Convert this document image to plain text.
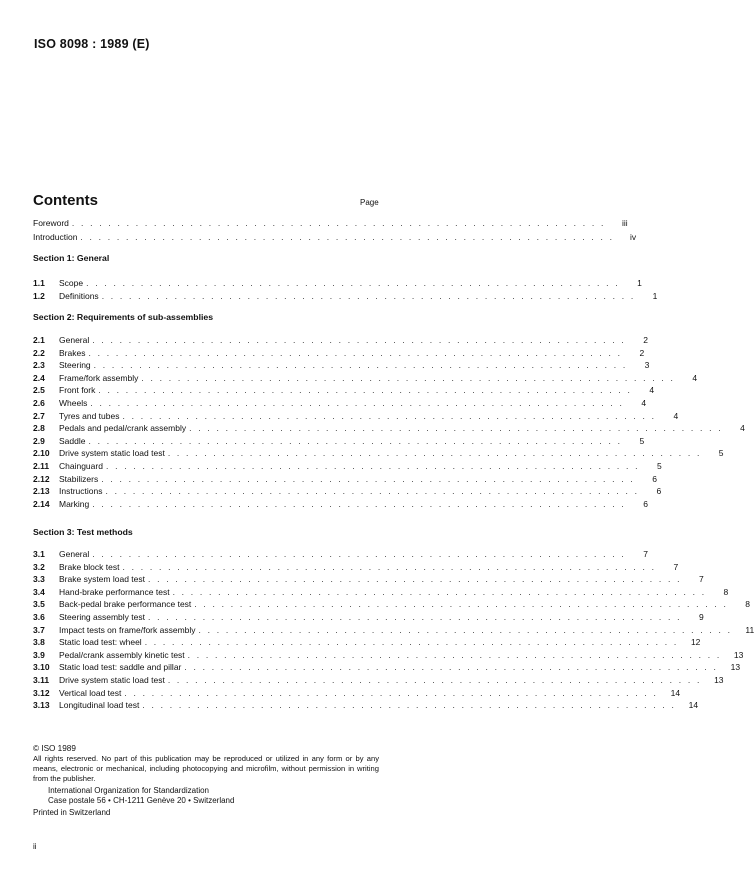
ISO 8098 : 1989 (E)
Contents	Page
Foreword . . . . . . . . . . . . . . . . . . . . . . . . . . . . . . . . . . . . . . . . . . . . . . . . . . . . . . . . . . .	iii
Introduction . . . . . . . . . . . . . . . . . . . . . . . . . . . . . . . . . . . . . . . . . . . . . . . . . . . . . . . . . . .	iv
Section 1: General
1.1	Scope . . . . . . . . . . . . . . . . . . . . . . . . . . . . . . . . . . . . . . . . . . . . . . . . . . . . . . . . . . .	1
1.2	Definitions . . . . . . . . . . . . . . . . . . . . . . . . . . . . . . . . . . . . . . . . . . . . . . . . . . . . . . . . . . .	1
Section 2: Requirements of sub-assemblies
2.1	General . . . . . . . . . . . . . . . . . . . . . . . . . . . . . . . . . . . . . . . . . . . . . . . . . . . . . . . . . . .	2
2.2	Brakes . . . . . . . . . . . . . . . . . . . . . . . . . . . . . . . . . . . . . . . . . . . . . . . . . . . . . . . . . . .	2
2.3	Steering . . . . . . . . . . . . . . . . . . . . . . . . . . . . . . . . . . . . . . . . . . . . . . . . . . . . . . . . . . .	3
2.4	Frame/fork assembly . . . . . . . . . . . . . . . . . . . . . . . . . . . . . . . . . . . . . . . . . . . . . . . . . . . . . . . . . . .	4
2.5	Front fork . . . . . . . . . . . . . . . . . . . . . . . . . . . . . . . . . . . . . . . . . . . . . . . . . . . . . . . . . . .	4
2.6	Wheels . . . . . . . . . . . . . . . . . . . . . . . . . . . . . . . . . . . . . . . . . . . . . . . . . . . . . . . . . . .	4
2.7	Tyres and tubes . . . . . . . . . . . . . . . . . . . . . . . . . . . . . . . . . . . . . . . . . . . . . . . . . . . . . . . . . . .	4
2.8	Pedals and pedal/crank assembly . . . . . . . . . . . . . . . . . . . . . . . . . . . . . . . . . . . . . . . . . . . . . . . . . . . . . . . . . . .	4
2.9	Saddle . . . . . . . . . . . . . . . . . . . . . . . . . . . . . . . . . . . . . . . . . . . . . . . . . . . . . . . . . . .	5
2.10	Drive system static load test . . . . . . . . . . . . . . . . . . . . . . . . . . . . . . . . . . . . . . . . . . . . . . . . . . . . . . . . . . .	5
2.11	Chainguard . . . . . . . . . . . . . . . . . . . . . . . . . . . . . . . . . . . . . . . . . . . . . . . . . . . . . . . . . . .	5
2.12	Stabilizers . . . . . . . . . . . . . . . . . . . . . . . . . . . . . . . . . . . . . . . . . . . . . . . . . . . . . . . . . . .	6
2.13	Instructions . . . . . . . . . . . . . . . . . . . . . . . . . . . . . . . . . . . . . . . . . . . . . . . . . . . . . . . . . . .	6
2.14	Marking . . . . . . . . . . . . . . . . . . . . . . . . . . . . . . . . . . . . . . . . . . . . . . . . . . . . . . . . . . .	6
Section 3: Test methods
3.1	General . . . . . . . . . . . . . . . . . . . . . . . . . . . . . . . . . . . . . . . . . . . . . . . . . . . . . . . . . . .	7
3.2	Brake block test . . . . . . . . . . . . . . . . . . . . . . . . . . . . . . . . . . . . . . . . . . . . . . . . . . . . . . . . . . .	7
3.3	Brake system load test . . . . . . . . . . . . . . . . . . . . . . . . . . . . . . . . . . . . . . . . . . . . . . . . . . . . . . . . . . .	7
3.4	Hand-brake performance test . . . . . . . . . . . . . . . . . . . . . . . . . . . . . . . . . . . . . . . . . . . . . . . . . . . . . . . . . . .	8
3.5	Back-pedal brake performance test . . . . . . . . . . . . . . . . . . . . . . . . . . . . . . . . . . . . . . . . . . . . . . . . . . . . . . . . . . .	8
3.6	Steering assembly test . . . . . . . . . . . . . . . . . . . . . . . . . . . . . . . . . . . . . . . . . . . . . . . . . . . . . . . . . . .	9
3.7	Impact tests on frame/fork assembly . . . . . . . . . . . . . . . . . . . . . . . . . . . . . . . . . . . . . . . . . . . . . . . . . . . . . . . . . . .	11
3.8	Static load test: wheel . . . . . . . . . . . . . . . . . . . . . . . . . . . . . . . . . . . . . . . . . . . . . . . . . . . . . . . . . . .	12
3.9	Pedal/crank assembly kinetic test . . . . . . . . . . . . . . . . . . . . . . . . . . . . . . . . . . . . . . . . . . . . . . . . . . . . . . . . . . .	13
3.10	Static load test: saddle and pillar . . . . . . . . . . . . . . . . . . . . . . . . . . . . . . . . . . . . . . . . . . . . . . . . . . . . . . . . . . .	13
3.11	Drive system static load test . . . . . . . . . . . . . . . . . . . . . . . . . . . . . . . . . . . . . . . . . . . . . . . . . . . . . . . . . . .	13
3.12	Vertical load test . . . . . . . . . . . . . . . . . . . . . . . . . . . . . . . . . . . . . . . . . . . . . . . . . . . . . . . . . . .	14
3.13	Longitudinal load test . . . . . . . . . . . . . . . . . . . . . . . . . . . . . . . . . . . . . . . . . . . . . . . . . . . . . . . . . . .	14
© ISO 1989
All rights reserved. No part of this publication may be reproduced or utilized in any form or by any means, electronic or mechanical, including photocopying and microfilm, without permission in writing from the publisher.
International Organization for Standardization
Case postale 56 • CH-1211 Genève 20 • Switzerland
Printed in Switzerland
ii
